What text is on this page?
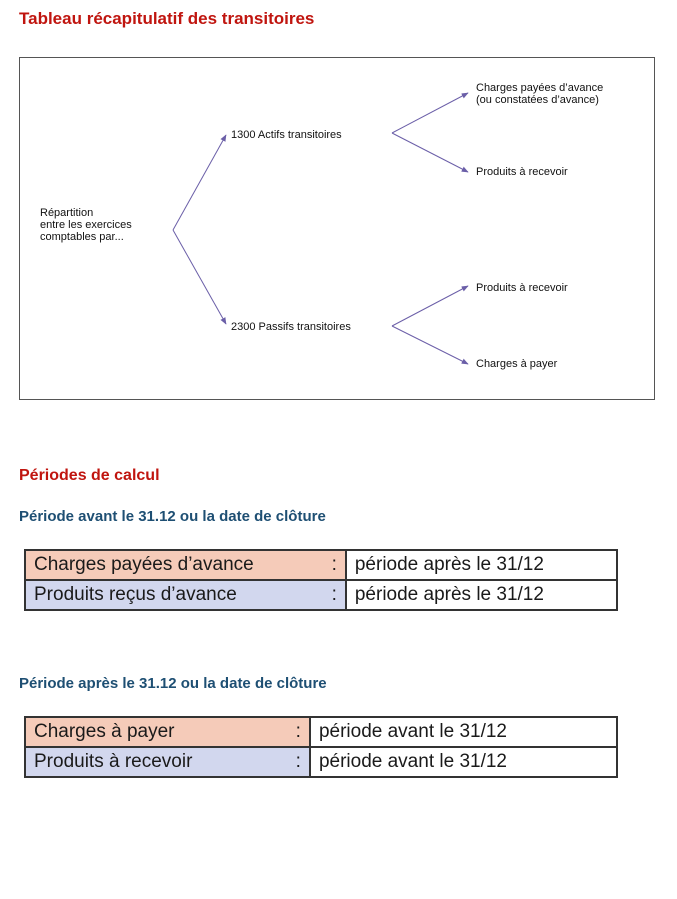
Tableau récapitulatif des transitoires
Répartition
entre les exercices
comptables par...
1300 Actifs transitoires
2300 Passifs transitoires
Charges payées d’avance
(ou constatées d’avance)
Produits à recevoir
Produits à recevoir
Charges à payer
Périodes de calcul
Période avant le 31.12 ou la date de clôture
Charges payées d’avance :	période après le 31/12
Produits reçus d’avance :	période après le 31/12
Période après le 31.12 ou la date de clôture
Charges à payer :	période avant le 31/12
Produits à recevoir :	période avant le 31/12
